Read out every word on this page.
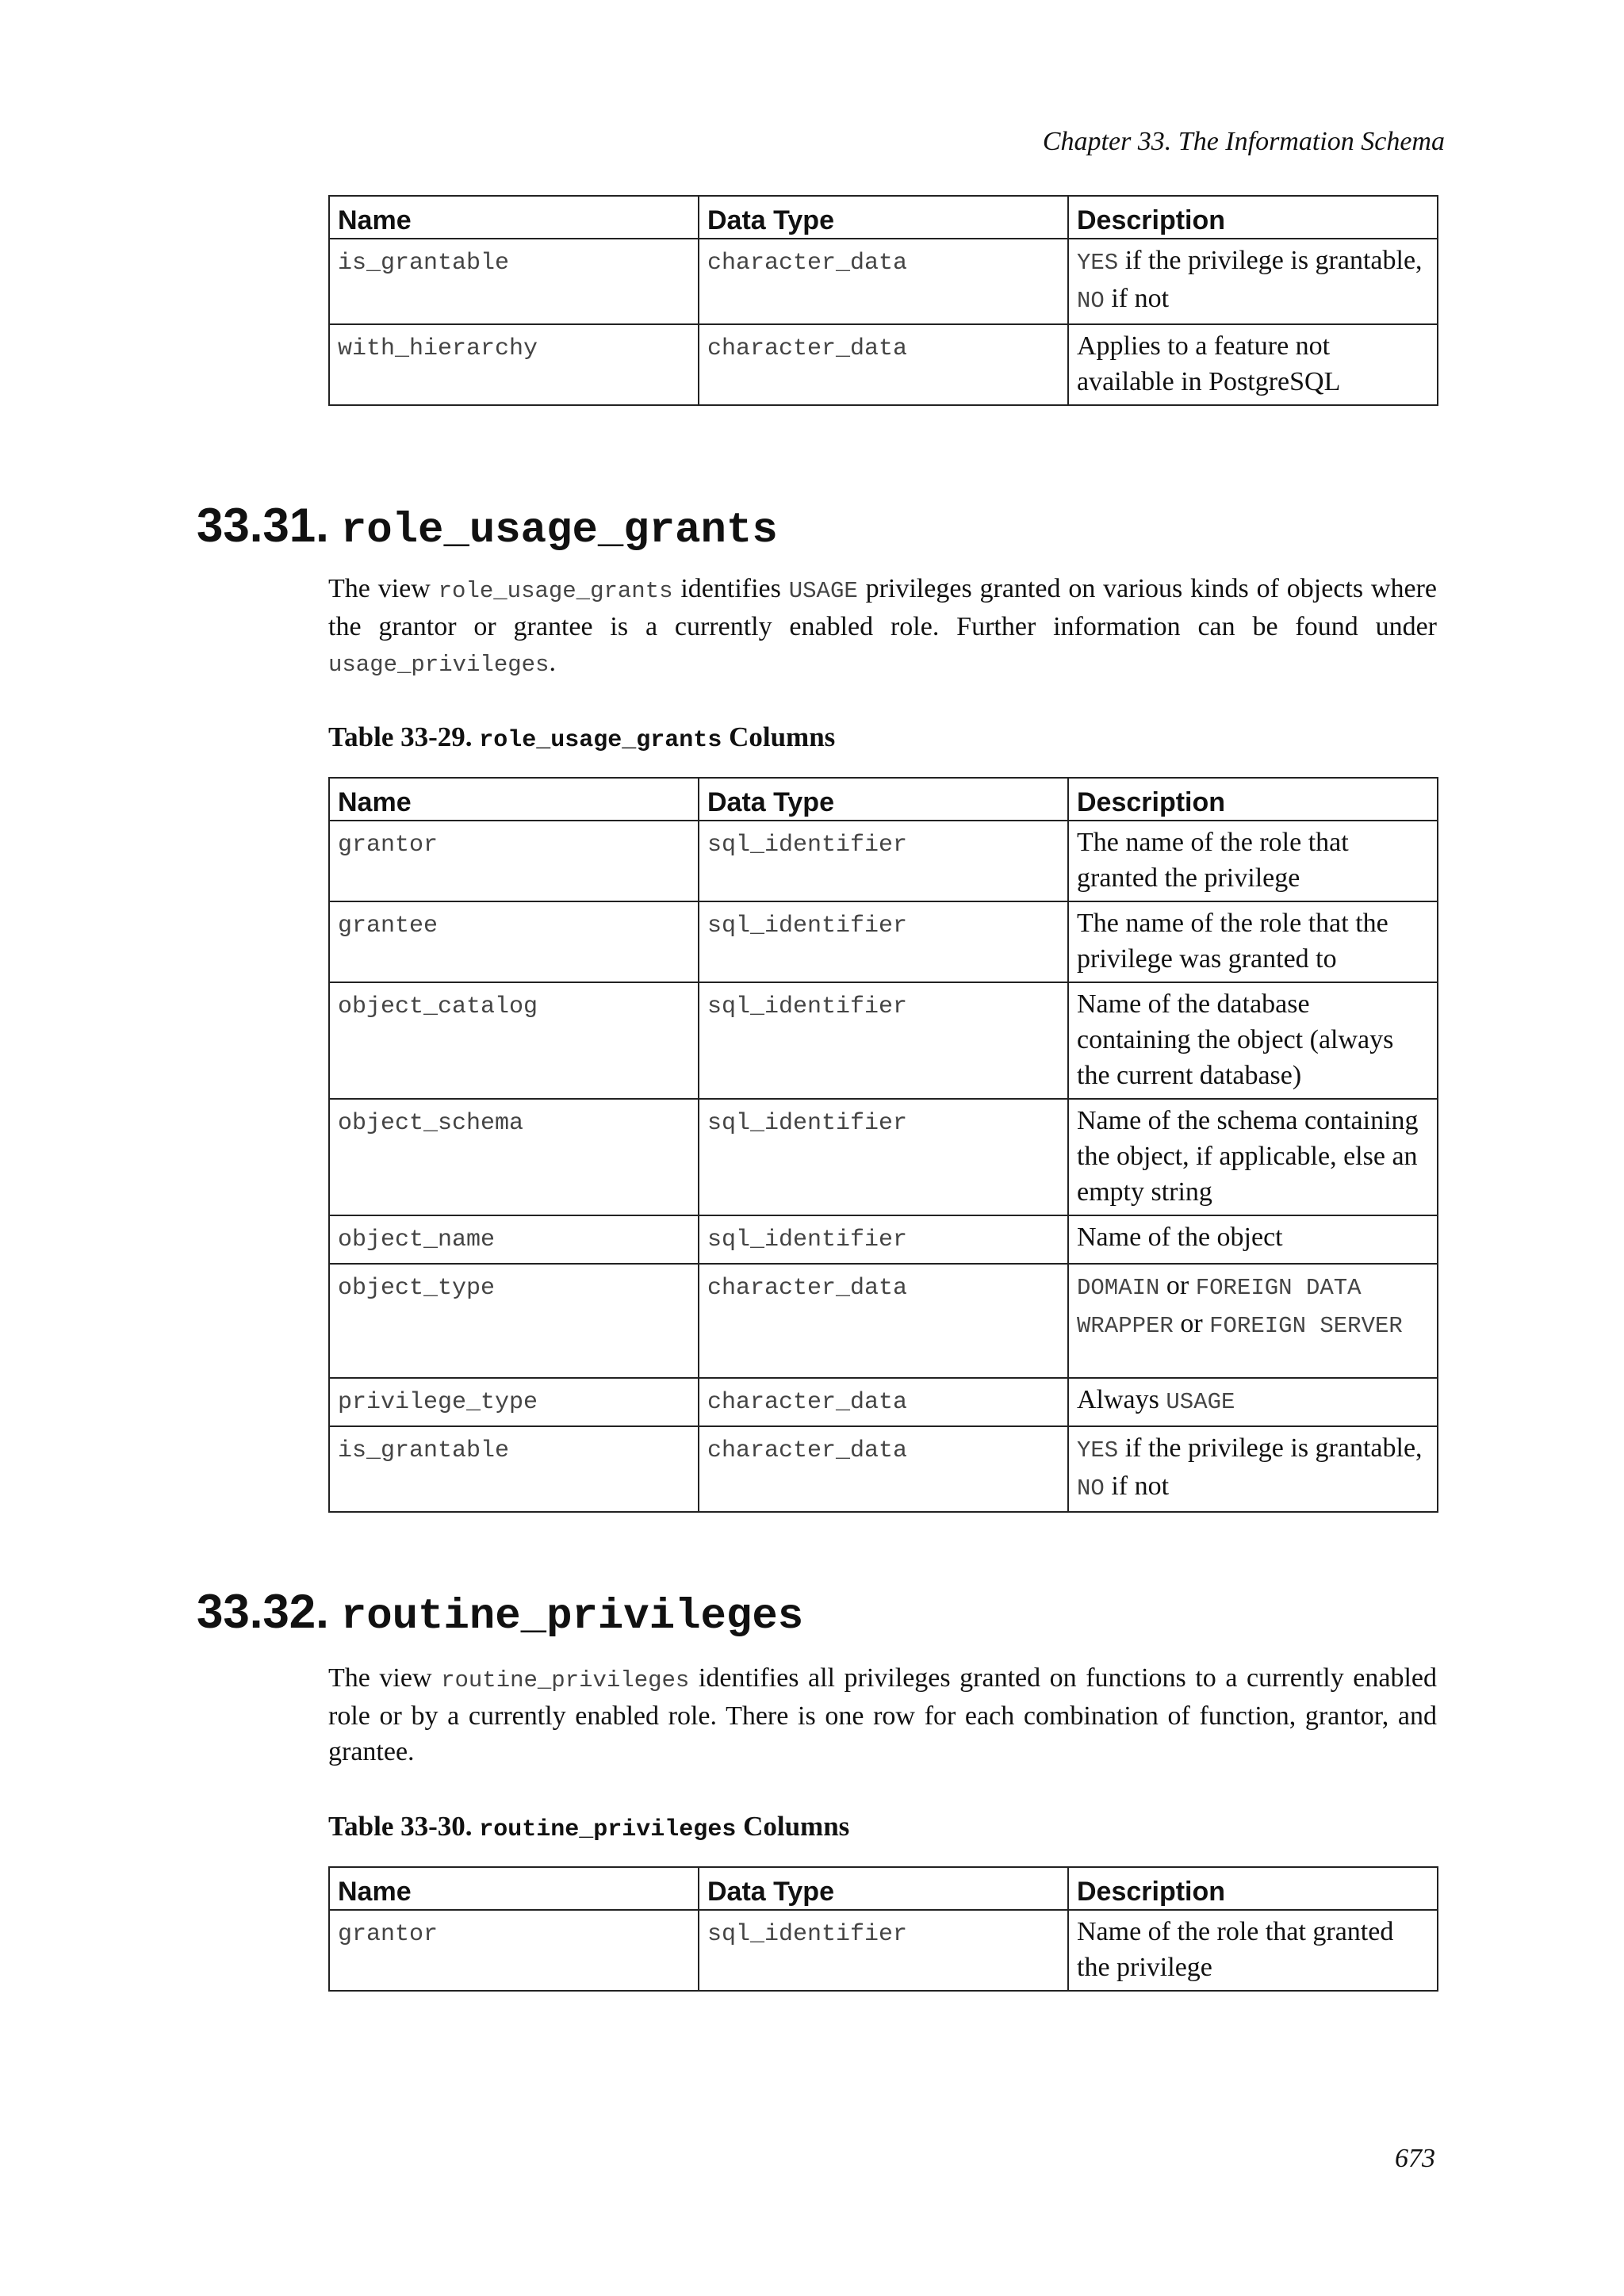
Chapter 33. The Information Schema
Name	Data Type	Description
is_grantable	character_data	YES if the privilege is grantable, NO if not
with_hierarchy	character_data	Applies to a feature not available in PostgreSQL
33.31. role_usage_grants

The view role_usage_grants identifies USAGE privileges granted on various kinds of objects where the grantor or grantee is a currently enabled role. Further information can be found under usage_privileges.

Table 33-29. role_usage_grants Columns

Name	Data Type	Description
grantor	sql_identifier	The name of the role that granted the privilege
grantee	sql_identifier	The name of the role that the privilege was granted to
object_catalog	sql_identifier	Name of the database containing the object (always the current database)
object_schema	sql_identifier	Name of the schema containing the object, if applicable, else an empty string
object_name	sql_identifier	Name of the object
object_type	character_data	DOMAIN or FOREIGN DATA WRAPPER or FOREIGN SERVER
privilege_type	character_data	Always USAGE
is_grantable	character_data	YES if the privilege is grantable, NO if not
33.32. routine_privileges

The view routine_privileges identifies all privileges granted on functions to a currently enabled role or by a currently enabled role. There is one row for each combination of function, grantor, and grantee.

Table 33-30. routine_privileges Columns

Name	Data Type	Description
grantor	sql_identifier	Name of the role that granted the privilege
673
